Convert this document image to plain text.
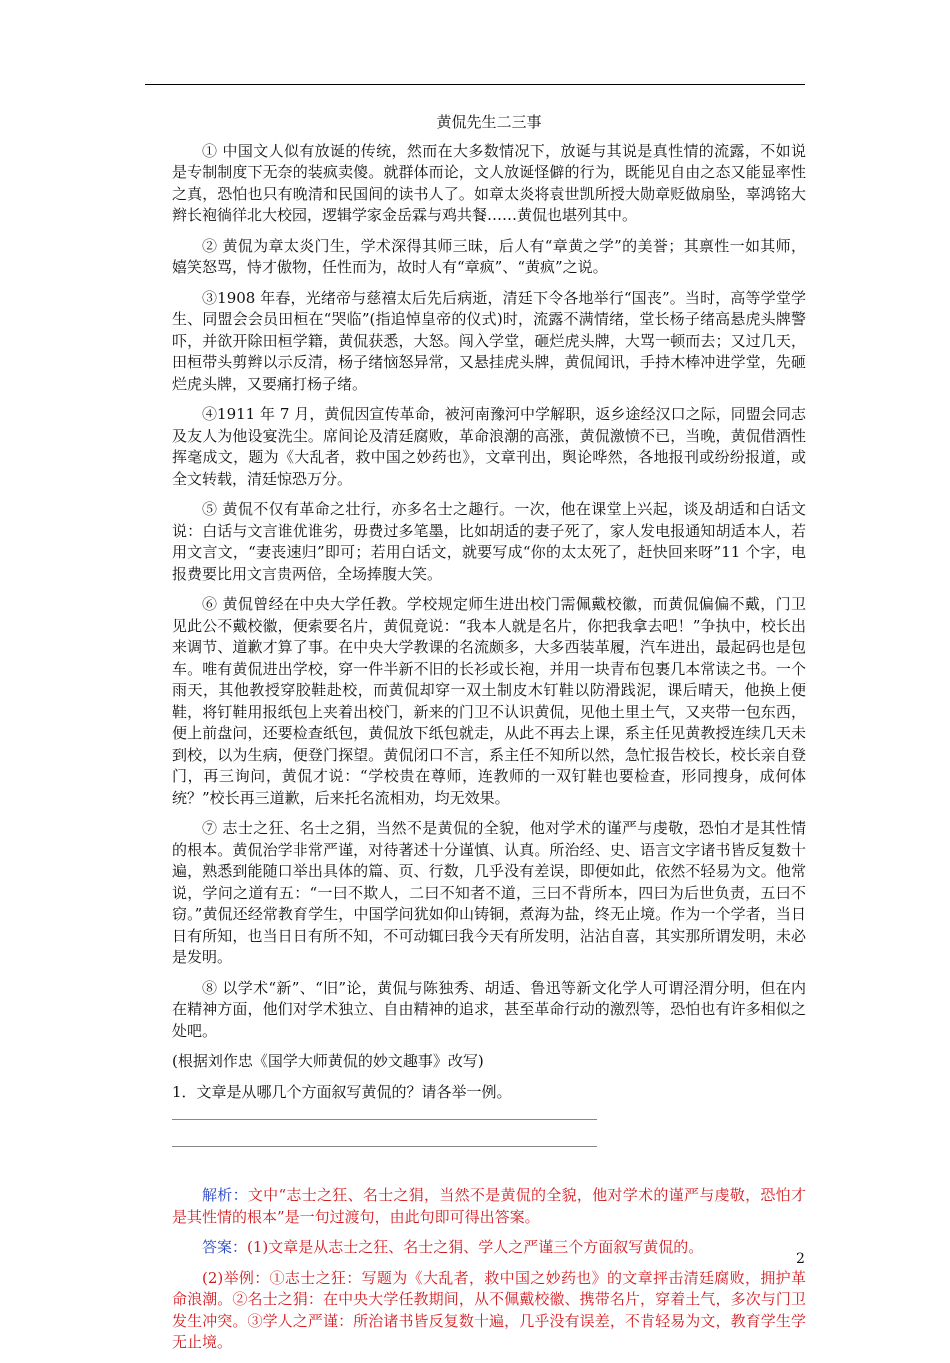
黄侃先生二三事

① 中国文人似有放诞的传统，然而在大多数情况下，放诞与其说是真性情的流露，不如说是专制制度下无奈的装疯卖傻。就群体而论，文人放诞怪僻的行为，既能见自由之态又能显率性之真，恐怕也只有晚清和民国间的读书人了。如章太炎将袁世凯所授大勋章贬做扇坠，辜鸿铭大辫长袍徜徉北大校园，逻辑学家金岳霖与鸡共餐……黄侃也堪列其中。

② 黄侃为章太炎门生，学术深得其师三昧，后人有“章黄之学”的美誉；其禀性一如其师，嬉笑怒骂，恃才傲物，任性而为，故时人有“章疯”、“黄疯”之说。

③1908 年春，光绪帝与慈禧太后先后病逝，清廷下令各地举行“国丧”。当时，高等学堂学生、同盟会会员田桓在“哭临”(指追悼皇帝的仪式)时，流露不满情绪，堂长杨子绪高悬虎头牌警吓，并欲开除田桓学籍，黄侃获悉，大怒。闯入学堂，砸烂虎头牌，大骂一顿而去；又过几天，田桓带头剪辫以示反清，杨子绪恼怒异常，又悬挂虎头牌，黄侃闻讯，手持木棒冲进学堂，先砸烂虎头牌，又要痛打杨子绪。

④1911 年 7 月，黄侃因宣传革命，被河南豫河中学解职，返乡途经汉口之际，同盟会同志及友人为他设宴洗尘。席间论及清廷腐败，革命浪潮的高涨，黄侃激愤不已，当晚，黄侃借酒性挥毫成文，题为《大乱者，救中国之妙药也》，文章刊出，舆论哗然，各地报刊或纷纷报道，或全文转载，清廷惊恐万分。

⑤ 黄侃不仅有革命之壮行，亦多名士之趣行。一次，他在课堂上兴起，谈及胡适和白话文说：白话与文言谁优谁劣，毋费过多笔墨，比如胡适的妻子死了，家人发电报通知胡适本人，若用文言文，“妻丧速归”即可；若用白话文，就要写成“你的太太死了，赶快回来呀”11 个字，电报费要比用文言贵两倍，全场捧腹大笑。

⑥ 黄侃曾经在中央大学任教。学校规定师生进出校门需佩戴校徽，而黄侃偏偏不戴，门卫见此公不戴校徽，便索要名片，黄侃竟说：“我本人就是名片，你把我拿去吧！”争执中，校长出来调节、道歉才算了事。在中央大学教课的名流颇多，大多西装革履，汽车进出，最起码也是包车。唯有黄侃进出学校，穿一件半新不旧的长衫或长袍，并用一块青布包裹几本常读之书。一个雨天，其他教授穿胶鞋赴校，而黄侃却穿一双土制皮木钉鞋以防滑践泥，课后晴天，他换上便鞋，将钉鞋用报纸包上夹着出校门，新来的门卫不认识黄侃，见他土里土气，又夹带一包东西，便上前盘问，还要检查纸包，黄侃放下纸包就走，从此不再去上课，系主任见黄教授连续几天未到校，以为生病，便登门探望。黄侃闭口不言，系主任不知所以然，急忙报告校长，校长亲自登门，再三询问，黄侃才说：“学校贵在尊师，连教师的一双钉鞋也要检查，形同搜身，成何体统？”校长再三道歉，后来托名流相劝，均无效果。

⑦ 志士之狂、名士之狷，当然不是黄侃的全貌，他对学术的谨严与虔敬，恐怕才是其性情的根本。黄侃治学非常严谨，对待著述十分谨慎、认真。所治经、史、语言文字诸书皆反复数十遍，熟悉到能随口举出具体的篇、页、行数，几乎没有差误，即便如此，依然不轻易为文。他常说，学问之道有五：“一曰不欺人，二曰不知者不道，三曰不背所本，四曰为后世负责，五曰不窃。”黄侃还经常教育学生，中国学问犹如仰山铸铜，煮海为盐，终无止境。作为一个学者，当日日有所知，也当日日有所不知，不可动辄曰我今天有所发明，沾沾自喜，其实那所谓发明，未必是发明。

⑧ 以学术“新”、“旧”论，黄侃与陈独秀、胡适、鲁迅等新文化学人可谓泾渭分明，但在内在精神方面，他们对学术独立、自由精神的追求，甚至革命行动的激烈等，恐怕也有许多相似之处吧。

(根据刘作忠《国学大师黄侃的妙文趣事》改写)

1．文章是从哪几个方面叙写黄侃的？请各举一例。

解析：文中“志士之狂、名士之狷，当然不是黄侃的全貌，他对学术的谨严与虔敬，恐怕才是其性情的根本”是一句过渡句，由此句即可得出答案。

答案：(1)文章是从志士之狂、名士之狷、学人之严谨三个方面叙写黄侃的。

(2)举例：①志士之狂：写题为《大乱者，救中国之妙药也》的文章抨击清廷腐败，拥护革命浪潮。②名士之狷：在中央大学任教期间，从不佩戴校徽、携带名片，穿着土气，多次与门卫发生冲突。③学人之严谨：所治诸书皆反复数十遍，几乎没有误差，不肯轻易为文，教育学生学无止境。

2
